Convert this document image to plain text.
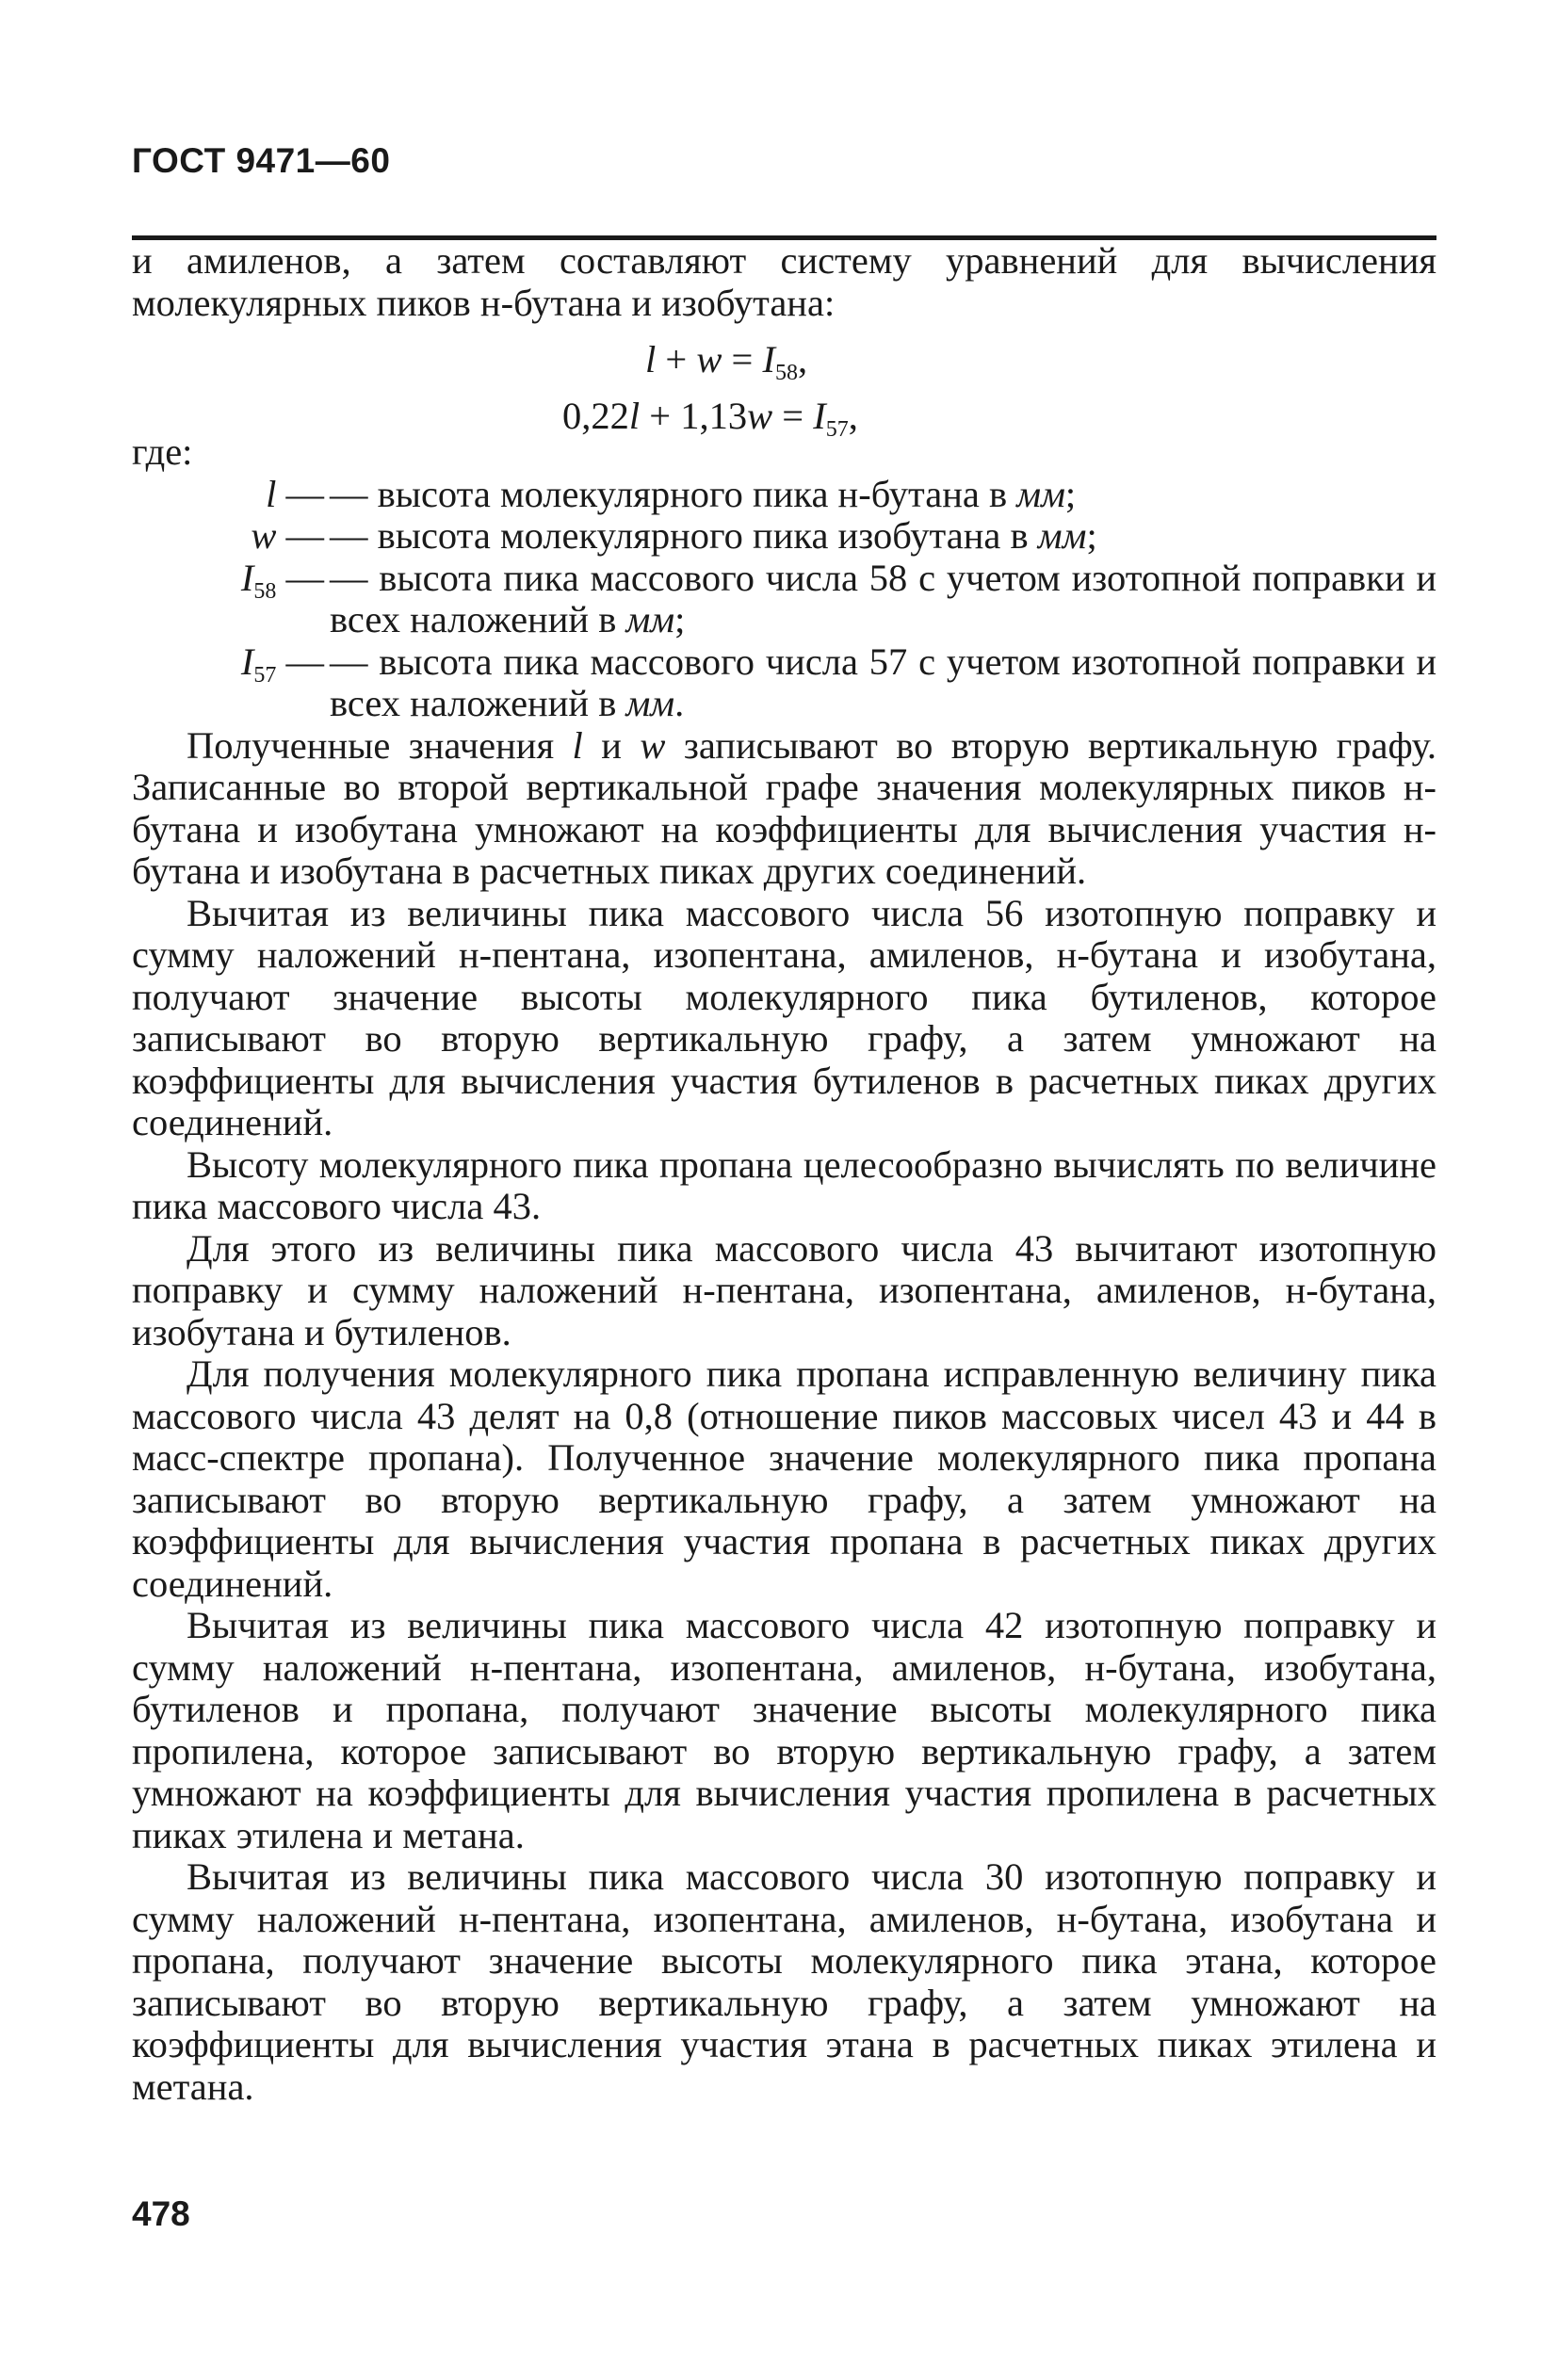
ГОСТ 9471—60

и амиленов, а затем составляют систему уравнений для вычисления молекулярных пиков н-бутана и изобутана:

$l + w = I_{58}$,
$0,22l + 1,13w = I_{57}$,

где:

l — — высота молекулярного пика н-бутана в мм;
w — — высота молекулярного пика изобутана в мм;
$I_{58}$ — — высота пика массового числа 58 с учетом изотопной поправки и всех наложений в мм;
$I_{57}$ — — высота пика массового числа 57 с учетом изотопной поправки и всех наложений в мм.

Полученные значения l и w записывают во вторую вертикальную графу. Записанные во второй вертикальной графе значения молекулярных пиков н-бутана и изобутана умножают на коэффициенты для вычисления участия н-бутана и изобутана в расчетных пиках других соединений.

Вычитая из величины пика массового числа 56 изотопную поправку и сумму наложений н-пентана, изопентана, амиленов, н-бутана и изобутана, получают значение высоты молекулярного пика бутиленов, которое записывают во вторую вертикальную графу, а затем умножают на коэффициенты для вычисления участия бутиленов в расчетных пиках других соединений.

Высоту молекулярного пика пропана целесообразно вычислять по величине пика массового числа 43.

Для этого из величины пика массового числа 43 вычитают изотопную поправку и сумму наложений н-пентана, изопентана, амиленов, н-бутана, изобутана и бутиленов.

Для получения молекулярного пика пропана исправленную величину пика массового числа 43 делят на 0,8 (отношение пиков массовых чисел 43 и 44 в масс-спектре пропана). Полученное значение молекулярного пика пропана записывают во вторую вертикальную графу, а затем умножают на коэффициенты для вычисления участия пропана в расчетных пиках других соединений.

Вычитая из величины пика массового числа 42 изотопную поправку и сумму наложений н-пентана, изопентана, амиленов, н-бутана, изобутана, бутиленов и пропана, получают значение высоты молекулярного пика пропилена, которое записывают во вторую вертикальную графу, а затем умножают на коэффициенты для вычисления участия пропилена в расчетных пиках этилена и метана.

Вычитая из величины пика массового числа 30 изотопную поправку и сумму наложений н-пентана, изопентана, амиленов, н-бутана, изобутана и пропана, получают значение высоты молекулярного пика этана, которое записывают во вторую вертикальную графу, а затем умножают на коэффициенты для вычисления участия этана в расчетных пиках этилена и метана.

478
